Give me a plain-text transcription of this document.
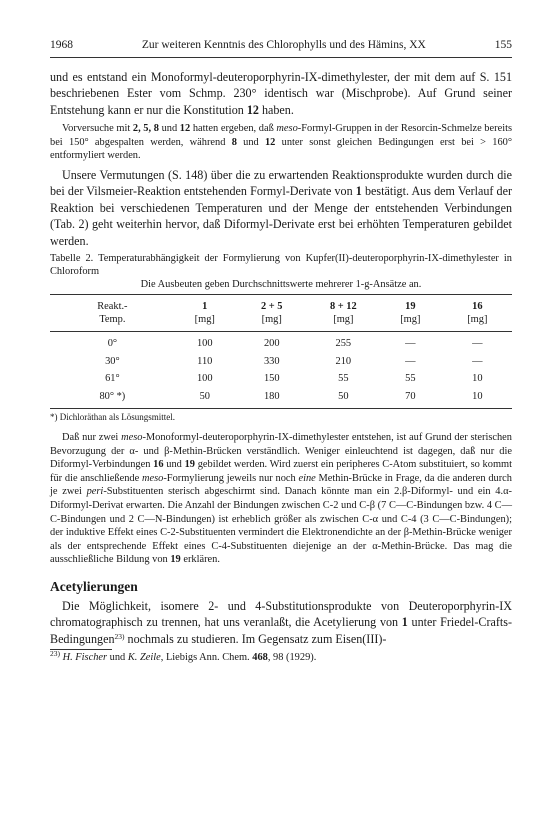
1968	Zur weiteren Kenntnis des Chlorophylls und des Hämins, XX	155

und es entstand ein Monoformyl-deuteroporphyrin-IX-dimethylester, der mit dem auf S. 151 beschriebenen Ester vom Schmp. 230° identisch war (Mischprobe). Auf Grund seiner Entstehung kann er nur die Konstitution 12 haben.

Vorversuche mit 2, 5, 8 und 12 hatten ergeben, daß meso-Formyl-Gruppen in der Resorcin-Schmelze bereits bei 150° abgespalten werden, während 8 und 12 unter sonst gleichen Bedingungen erst bei > 160° entformyliert werden.

Unsere Vermutungen (S. 148) über die zu erwartenden Reaktionsprodukte wurden durch die bei der Vilsmeier-Reaktion entstehenden Formyl-Derivate von 1 bestätigt. Aus dem Verlauf der Reaktion bei verschiedenen Temperaturen und der Menge der entstehenden Verbindungen (Tab. 2) geht weiterhin hervor, daß Diformyl-Derivate erst bei erhöhten Temperaturen gebildet werden.

Tabelle 2. Temperaturabhängigkeit der Formylierung von Kupfer(II)-deuteroporphyrin-IX-dimethylester in Chloroform

Die Ausbeuten geben Durchschnittswerte mehrerer 1-g-Ansätze an.

Reakt.-	1	2 + 5	8 + 12	19	16
Temp.	[mg]	[mg]	[mg]	[mg]	[mg]
0°	100	200	255	—	—
30°	110	330	210	—	—
61°	100	150	55	55	10
80° *)	50	180	50	70	10

*) Dichloräthan als Lösungsmittel.

Daß nur zwei meso-Monoformyl-deuteroporphyrin-IX-dimethylester entstehen, ist auf Grund der sterischen Bevorzugung der α- und β-Methin-Brücken verständlich. Weniger einleuchtend ist dagegen, daß nur die Diformyl-Verbindungen 16 und 19 gebildet werden. Wird zuerst ein peripheres C-Atom substituiert, so kommt für die anschließende meso-Formylierung jeweils nur noch eine Methin-Brücke in Frage, da die anderen durch je zwei peri-Substituenten sterisch abgeschirmt sind. Danach könnte man ein 2.β-Diformyl- und ein 4.α-Diformyl-Derivat erwarten. Die Anzahl der Bindungen zwischen C-2 und C-β (7 C—C-Bindungen bzw. 4 C—C-Bindungen und 2 C—N-Bindungen) ist erheblich größer als zwischen C-α und C-4 (3 C—C-Bindungen); der induktive Effekt eines C-2-Substituenten vermindert die Elektronendichte an der β-Methin-Brücke weniger als der entsprechende Effekt eines C-4-Substituenten diejenige an der α-Methin-Brücke. Das mag die ausschließliche Bildung von 19 erklären.

Acetylierungen

Die Möglichkeit, isomere 2- und 4-Substitutionsprodukte von Deuteroporphyrin-IX chromatographisch zu trennen, hat uns veranlaßt, die Acetylierung von 1 unter Friedel-Crafts-Bedingungen$^{23)}$ nochmals zu studieren. Im Gegensatz zum Eisen(III)-

$^{23)}$ H. Fischer und K. Zeile, Liebigs Ann. Chem. 468, 98 (1929).
